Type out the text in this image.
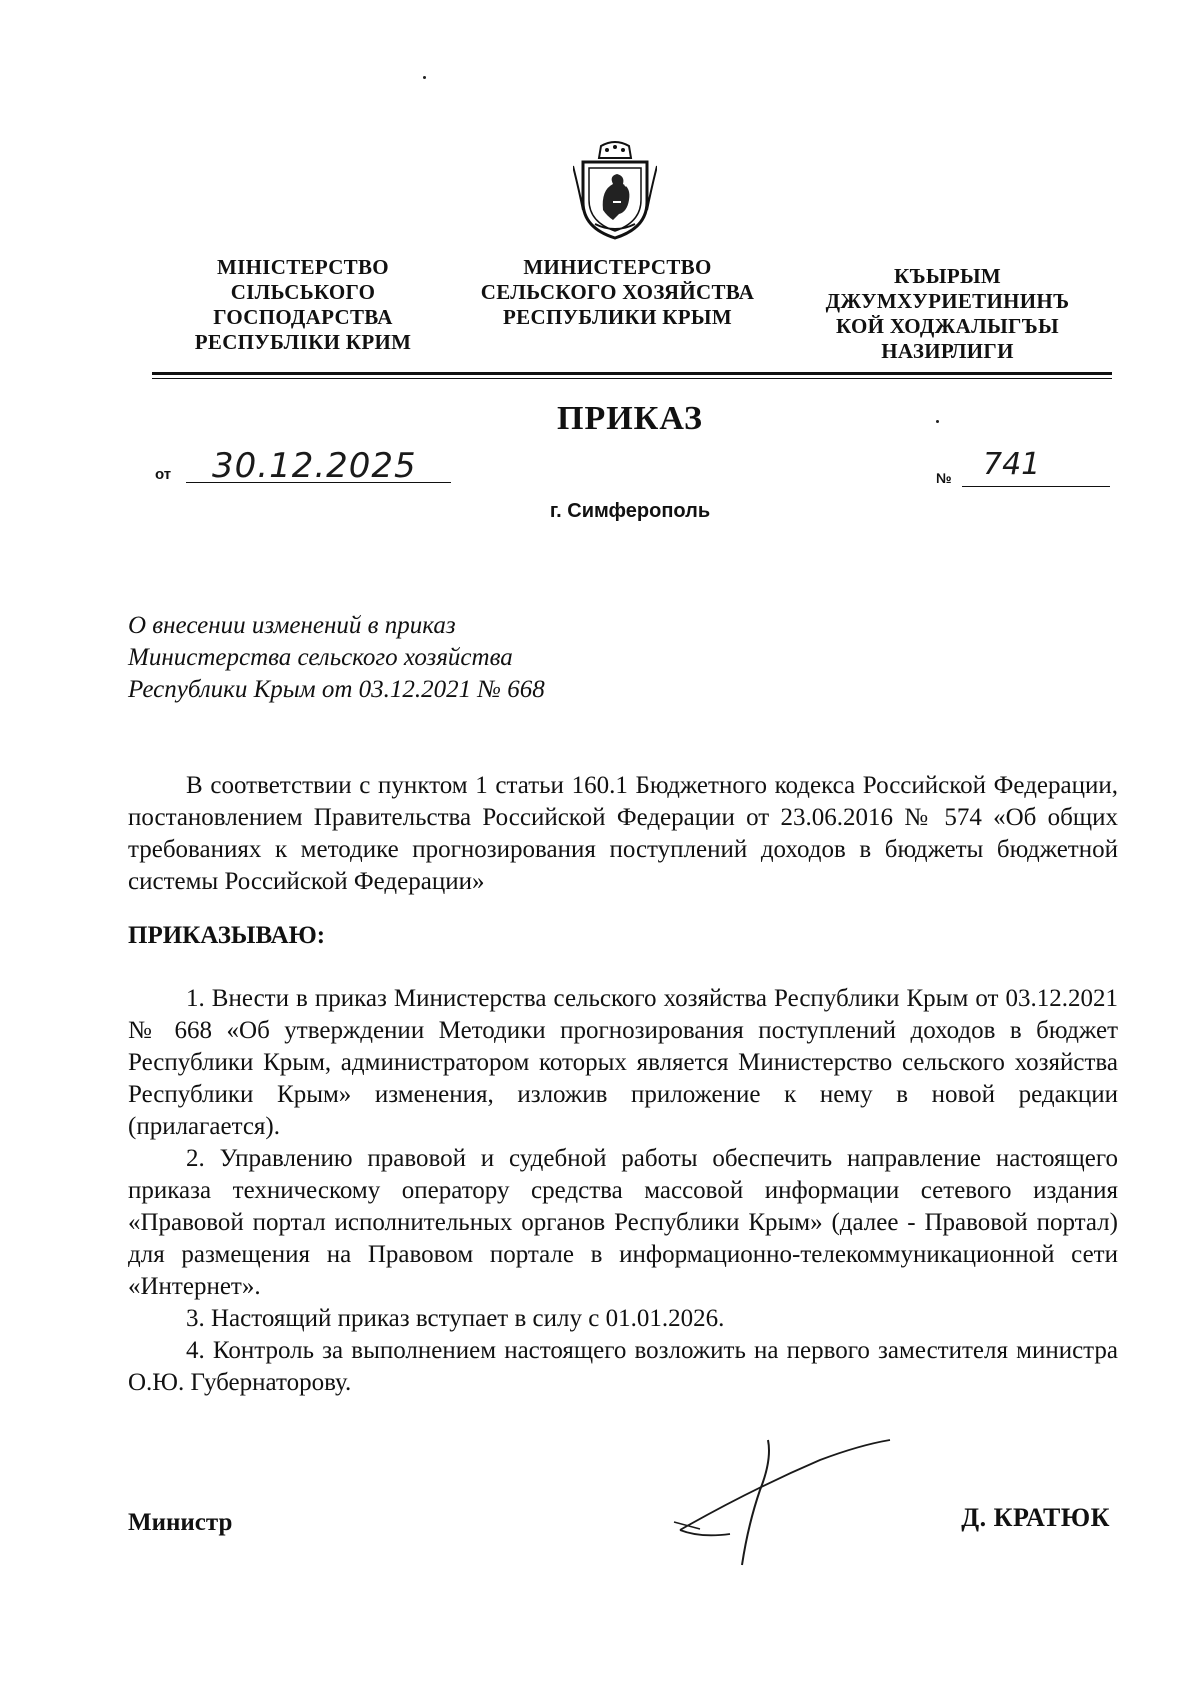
МІНІСТЕРСТВО
СІЛЬСЬКОГО
ГОСПОДАРСТВА
РЕСПУБЛІКИ КРИМ
МИНИСТЕРСТВО
СЕЛЬСКОГО ХОЗЯЙСТВА
РЕСПУБЛИКИ КРЫМ
КЪЫРЫМ
ДЖУМХУРИЕТИНИНЪ
КОЙ ХОДЖАЛЫГЪЫ
НАЗИРЛИГИ
ПРИКАЗ
от 30.12.2025	№ 741
г. Симферополь
О внесении изменений в приказ
Министерства сельского хозяйства
Республики Крым от 03.12.2021 № 668

В соответствии с пунктом 1 статьи 160.1 Бюджетного кодекса Российской Федерации, постановлением Правительства Российской Федерации от 23.06.2016 № 574 «Об общих требованиях к методике прогнозирования поступлений доходов в бюджеты бюджетной системы Российской Федерации»

ПРИКАЗЫВАЮ:

1. Внести в приказ Министерства сельского хозяйства Республики Крым от 03.12.2021 № 668 «Об утверждении Методики прогнозирования поступлений доходов в бюджет Республики Крым, администратором которых является Министерство сельского хозяйства Республики Крым» изменения, изложив приложение к нему в новой редакции (прилагается).

2. Управлению правовой и судебной работы обеспечить направление настоящего приказа техническому оператору средства массовой информации сетевого издания «Правовой портал исполнительных органов Республики Крым» (далее - Правовой портал) для размещения на Правовом портале в информационно-телекоммуникационной сети «Интернет».

3. Настоящий приказ вступает в силу с 01.01.2026.

4. Контроль за выполнением настоящего возложить на первого заместителя министра О.Ю. Губернаторову.

Министр	Д. КРАТЮК
